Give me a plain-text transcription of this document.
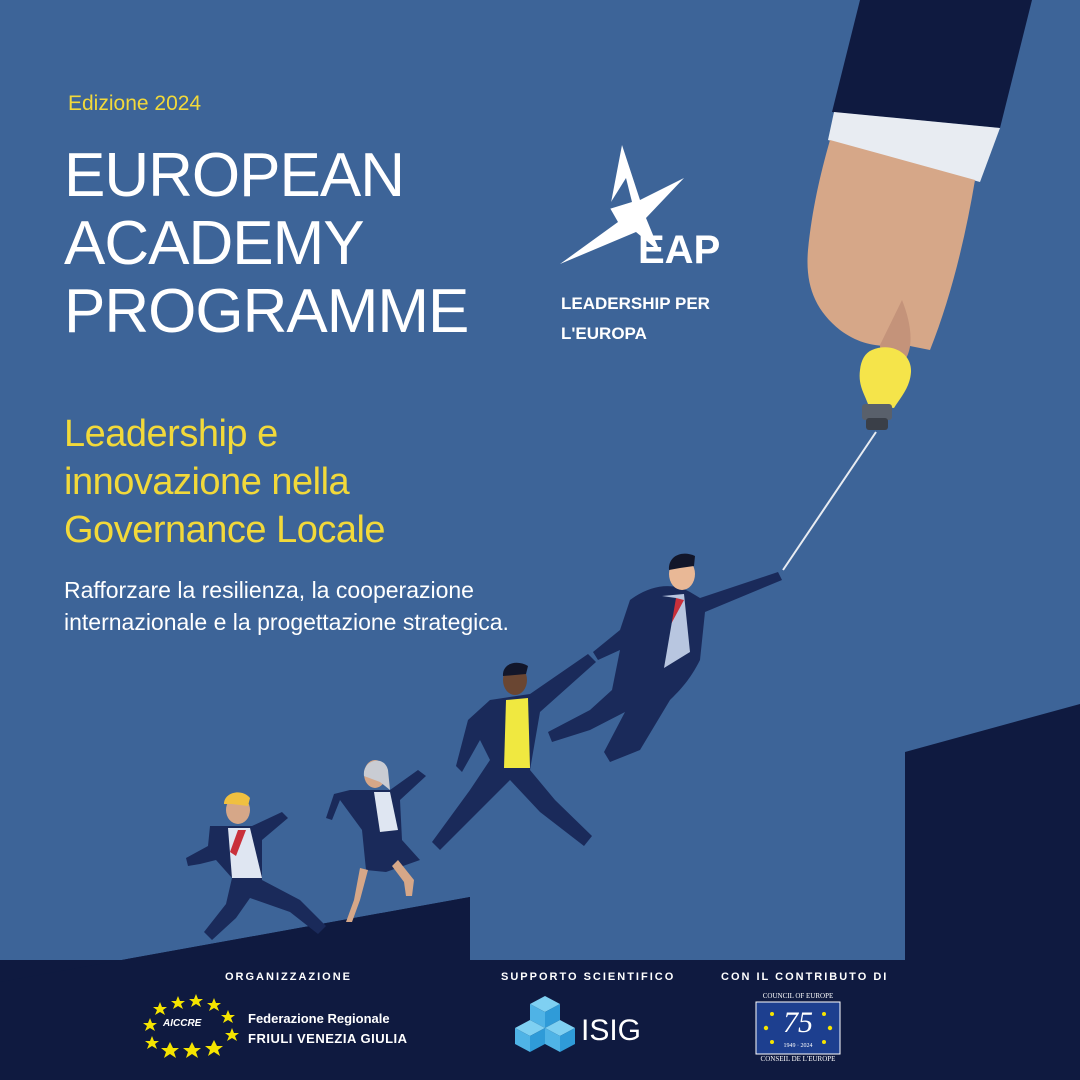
Edizione 2024

EUROPEAN
ACADEMY
PROGRAMME
EAP
LEADERSHIP PER
L'EUROPA
Leadership e
innovazione nella
Governance Locale

Rafforzare la resilienza, la cooperazione internazionale e la progettazione strategica.

ORGANIZZAZIONE	SUPPORTO SCIENTIFICO	CON IL CONTRIBUTO DI
AICCRE	Federazione Regionale
FRIULI VENEZIA GIULIA	ISIG
COUNCIL OF EUROPE
75
1949 · 2024
CONSEIL DE L'EUROPE
